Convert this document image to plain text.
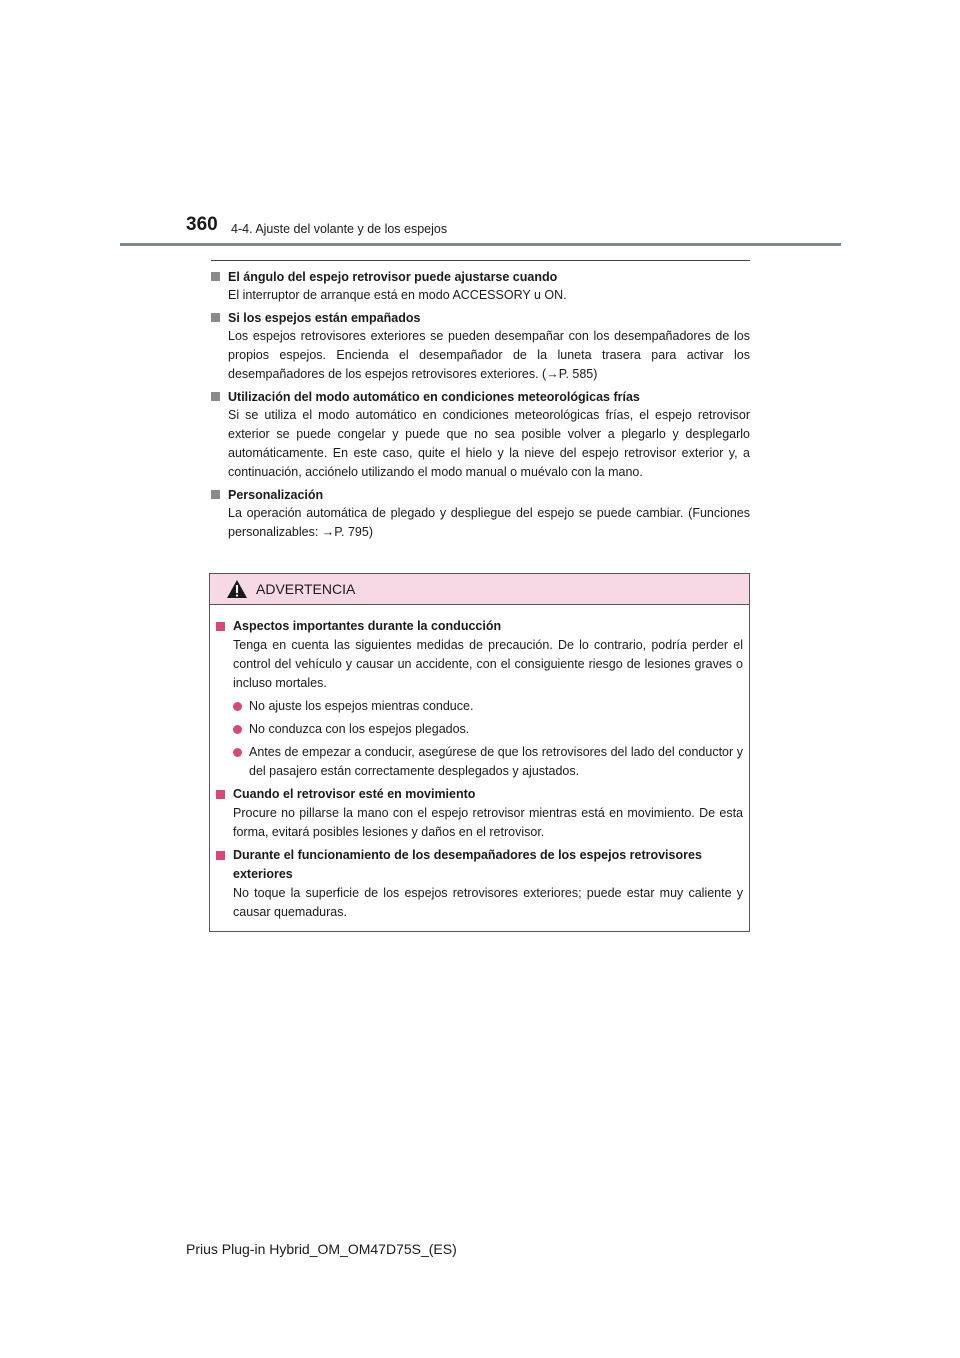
360 4-4. Ajuste del volante y de los espejos
El ángulo del espejo retrovisor puede ajustarse cuando
El interruptor de arranque está en modo ACCESSORY u ON.
Si los espejos están empañados
Los espejos retrovisores exteriores se pueden desempañar con los desempañadores de los propios espejos. Encienda el desempañador de la luneta trasera para activar los desempañadores de los espejos retrovisores exteriores. (→P. 585)
Utilización del modo automático en condiciones meteorológicas frías
Si se utiliza el modo automático en condiciones meteorológicas frías, el espejo retrovisor exterior se puede congelar y puede que no sea posible volver a plegarlo y desplegarlo automáticamente. En este caso, quite el hielo y la nieve del espejo retrovisor exterior y, a continuación, acciónelo utilizando el modo manual o muévalo con la mano.
Personalización
La operación automática de plegado y despliegue del espejo se puede cambiar. (Funciones personalizables: →P. 795)
ADVERTENCIA
Aspectos importantes durante la conducción
Tenga en cuenta las siguientes medidas de precaución. De lo contrario, podría perder el control del vehículo y causar un accidente, con el consiguiente riesgo de lesiones graves o incluso mortales.
No ajuste los espejos mientras conduce.
No conduzca con los espejos plegados.
Antes de empezar a conducir, asegúrese de que los retrovisores del lado del conductor y del pasajero están correctamente desplegados y ajustados.
Cuando el retrovisor esté en movimiento
Procure no pillarse la mano con el espejo retrovisor mientras está en movimiento. De esta forma, evitará posibles lesiones y daños en el retrovisor.
Durante el funcionamiento de los desempañadores de los espejos retrovisores exteriores
No toque la superficie de los espejos retrovisores exteriores; puede estar muy caliente y causar quemaduras.
Prius Plug-in Hybrid_OM_OM47D75S_(ES)
